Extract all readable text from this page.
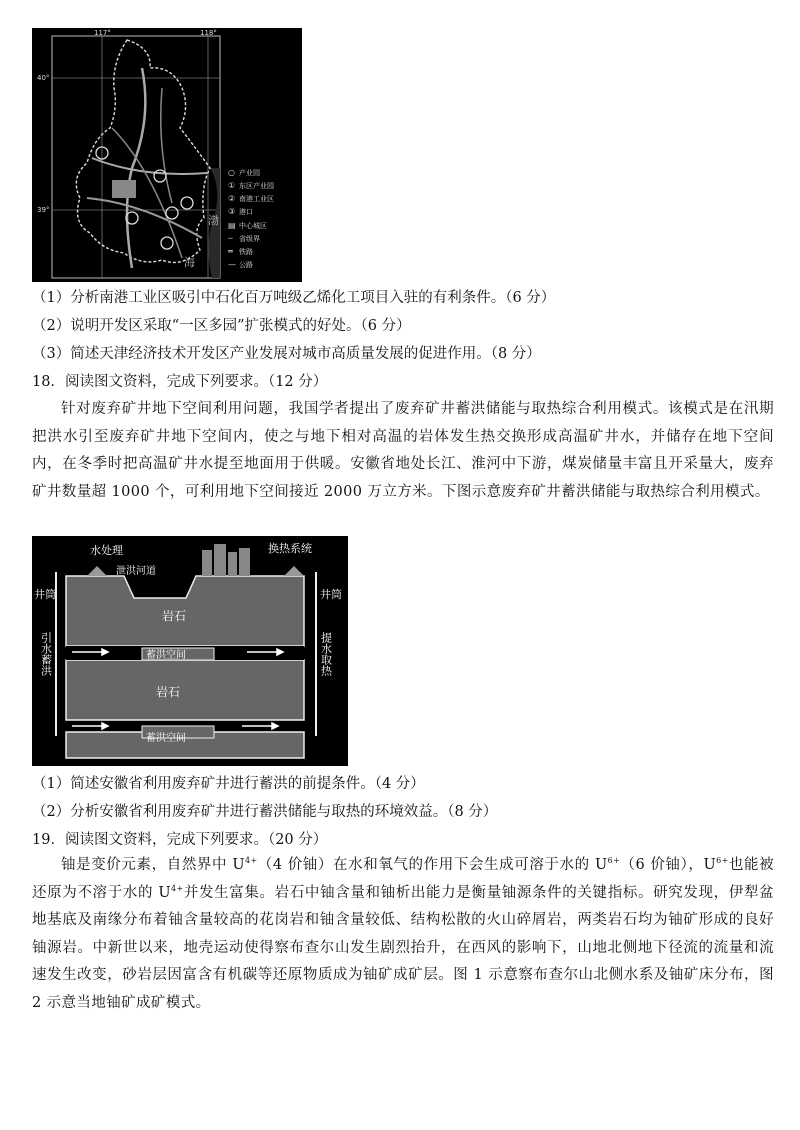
117°	118°
40°
39°
渤
海
○ 产业园
① 东区产业园
② 南港工业区
③ 港口
▤ 中心城区
┄ 省级界
═ 铁路
— 公路
（1）分析南港工业区吸引中石化百万吨级乙烯化工项目入驻的有利条件。（6 分）
（2）说明开发区采取“一区多园”扩张模式的好处。（6 分）
（3）简述天津经济技术开发区产业发展对城市高质量发展的促进作用。（8 分）
18．阅读图文资料，完成下列要求。（12 分）
针对废弃矿井地下空间利用问题，我国学者提出了废弃矿井蓄洪储能与取热综合利用模式。该模式是在汛期把洪水引至废弃矿井地下空间内，使之与地下相对高温的岩体发生热交换形成高温矿井水，并储存在地下空间内，在冬季时把高温矿井水提至地面用于供暖。安徽省地处长江、淮河中下游，煤炭储量丰富且开采量大，废弃矿井数量超 1000 个，可利用地下空间接近 2000 万立方米。下图示意废弃矿井蓄洪储能与取热综合利用模式。
水处理	换热系统
泄洪河道
井筒	井筒
岩石
岩石
蓄洪空间
蓄洪空间
引水蓄洪	提水取热
（1）简述安徽省利用废弃矿井进行蓄洪的前提条件。（4 分）
（2）分析安徽省利用废弃矿井进行蓄洪储能与取热的环境效益。（8 分）
19．阅读图文资料，完成下列要求。（20 分）
铀是变价元素，自然界中 $U^{4+}(4$ 价铀）在水和氧气的作用下会生成可溶于水的 $U^{6+}(6$ 价铀），$U^{6+}$也能被还原为不溶于水的 $U^{4+}$并发生富集。岩石中铀含量和铀析出能力是衡量铀源条件的关键指标。研究发现，伊犁盆地基底及南缘分布着铀含量较高的花岗岩和铀含量较低、结构松散的火山碎屑岩，两类岩石均为铀矿形成的良好铀源岩。中新世以来，地壳运动使得察布查尔山发生剧烈抬升，在西风的影响下，山地北侧地下径流的流量和流速发生改变，砂岩层因富含有机碳等还原物质成为铀矿成矿层。图 1 示意察布查尔山北侧水系及铀矿床分布，图 2 示意当地铀矿成矿模式。
